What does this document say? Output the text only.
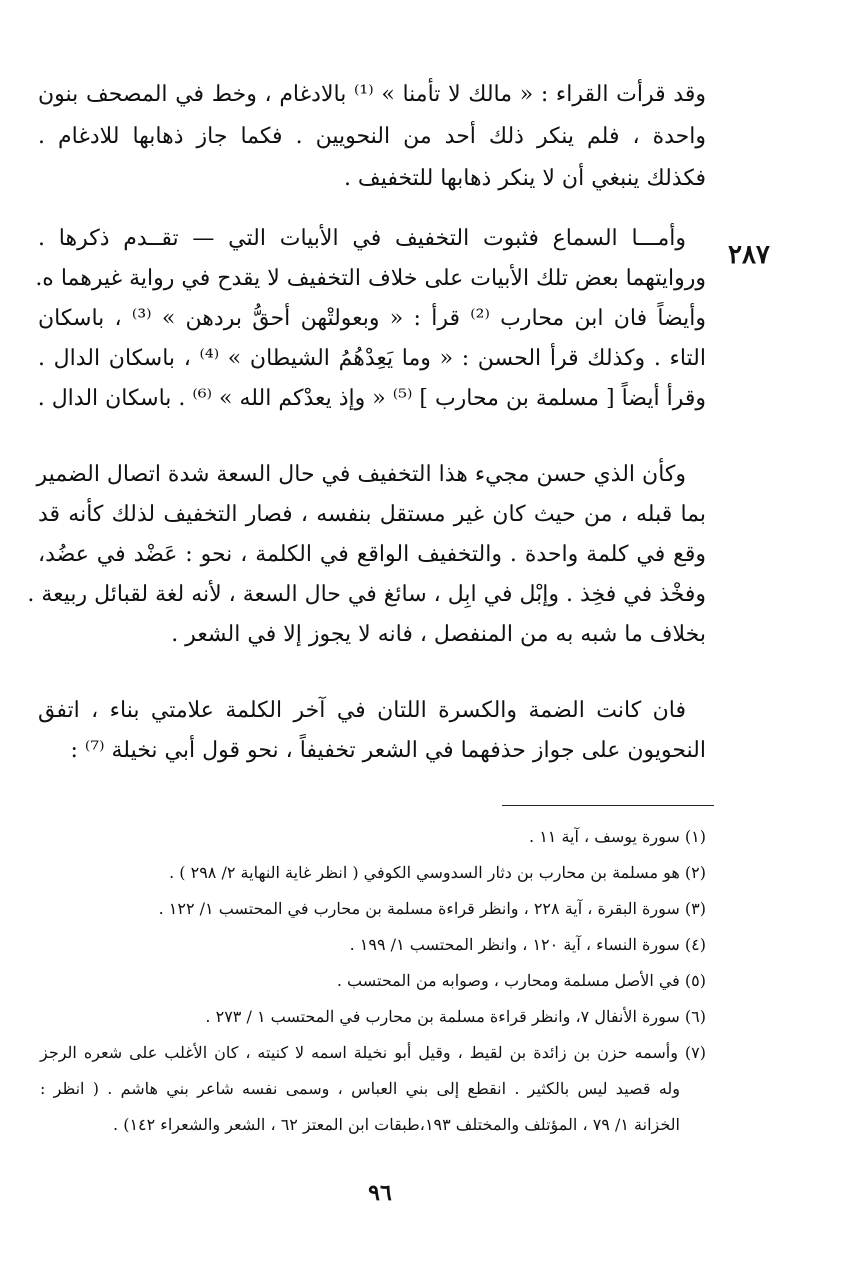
٢٨٧
وقد قرأت القراء : « مالك لا تأمنا » ⁽¹⁾ بالادغام ، وخط في المصحف بنون
واحدة ، فلم ينكر ذلك أحد من النحويين . فكما جاز ذهابها للادغام .
فكذلك ينبغي أن لا ينكر ذهابها للتخفيف .
وأمـــا السماع فثبوت التخفيف في الأبيات التي — تقــدم ذكرها .
وروايتهما بعض تلك الأبيات على خلاف التخفيف لا يقدح في رواية غيرهما ه.
وأيضاً فان ابن محارب ⁽²⁾ قرأ : « وبعولتْهن أحقُّ بردهن » ⁽³⁾ ، باسكان
التاء . وكذلك قرأ الحسن : « وما يَعِدْهُمُ الشيطان » ⁽⁴⁾ ، باسكان الدال .
وقرأ أيضاً [ مسلمة بن محارب ] ⁽⁵⁾ « وإذ يعدْكم الله » ⁽⁶⁾ . باسكان الدال .
وكأن الذي حسن مجيء هذا التخفيف في حال السعة شدة اتصال الضمير
بما قبله ، من حيث كان غير مستقل بنفسه ، فصار التخفيف لذلك كأنه قد
وقع في كلمة واحدة . والتخفيف الواقع في الكلمة ، نحو : عَضْد في عضُد،
وفخْذ في فخِذ . وإبْل في ابِل ، سائغ في حال السعة ، لأنه لغة لقبائل ربيعة .
بخلاف ما شبه به من المنفصل ، فانه لا يجوز إلا في الشعر .
فان كانت الضمة والكسرة اللتان في آخر الكلمة علامتي بناء ، اتفق
النحويون على جواز حذفهما في الشعر تخفيفاً ، نحو قول أبي نخيلة ⁽⁷⁾ :
(١) سورة يوسف ، آية ١١ .
(٢) هو مسلمة بن محارب بن دثار السدوسي الكوفي ( انظر غاية النهاية ٢/ ٢٩٨ ) .
(٣) سورة البقرة ، آية ٢٢٨ ، وانظر قراءة مسلمة بن محارب في المحتسب ١/ ١٢٢ .
(٤) سورة النساء ، آية ١٢٠ ، وانظر المحتسب ١/ ١٩٩ .
(٥) في الأصل مسلمة ومحارب ، وصوابه من المحتسب .
(٦) سورة الأنفال ٧، وانظر قراءة مسلمة بن محارب في المحتسب ١ / ٢٧٣ .
(٧) وأسمه حزن بن زائدة بن لقيط ، وقيل أبو نخيلة اسمه لا كنيته ، كان الأغلب على شعره الرجز
وله قصيد ليس بالكثير . انقطع إلى بني العباس ، وسمى نفسه شاعر بني هاشم . ( انظر :
الخزانة ١/ ٧٩ ، المؤتلف والمختلف ١٩٣،طبقات ابن المعتز ٦٢ ، الشعر والشعراء ١٤٢) .
٩٦
